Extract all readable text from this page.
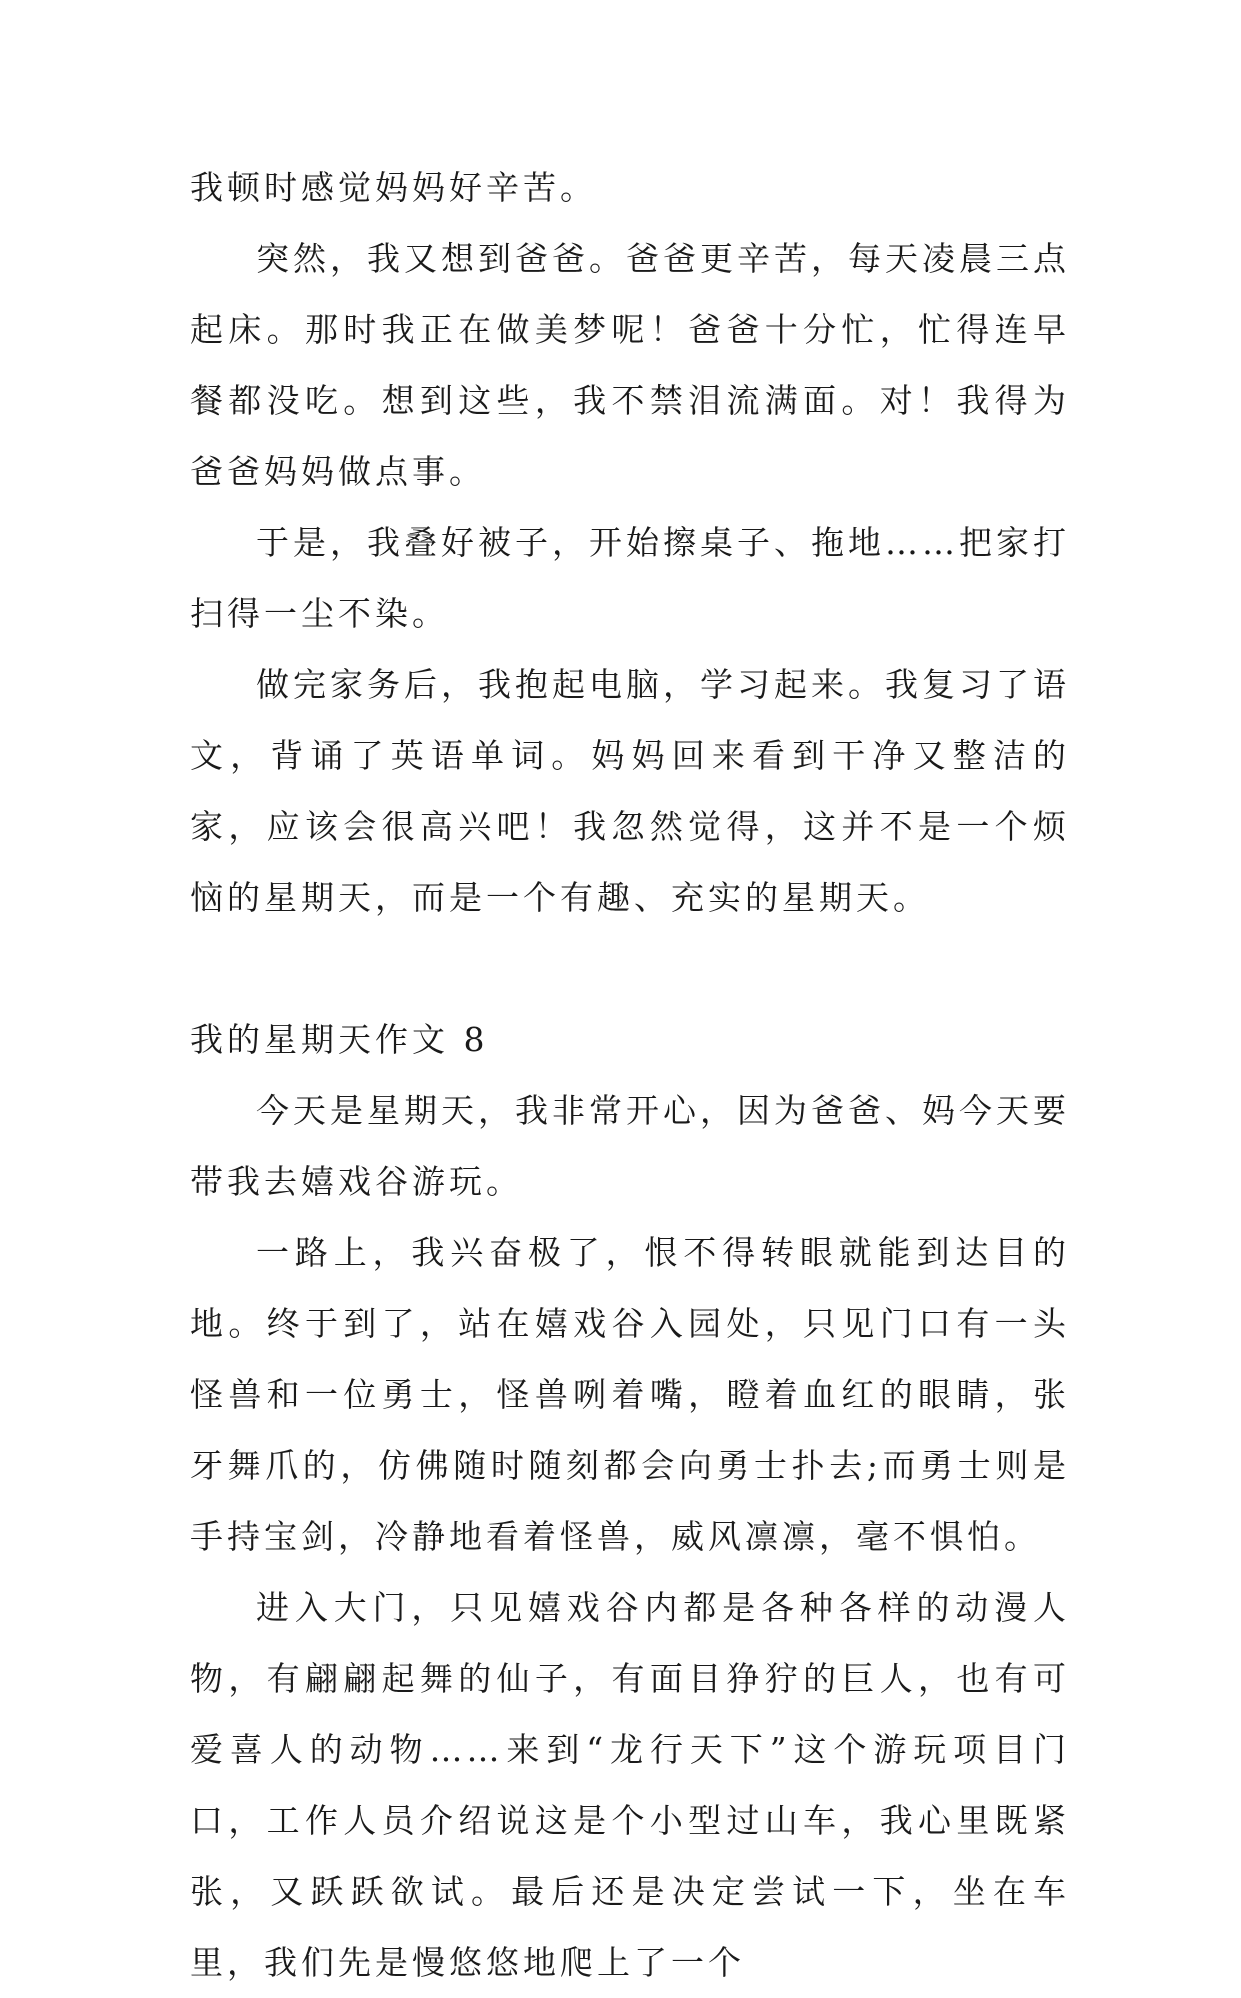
我顿时感觉妈妈好辛苦。

突然，我又想到爸爸。爸爸更辛苦，每天凌晨三点起床。那时我正在做美梦呢！爸爸十分忙，忙得连早餐都没吃。想到这些，我不禁泪流满面。对！我得为爸爸妈妈做点事。

于是，我叠好被子，开始擦桌子、拖地……把家打扫得一尘不染。

做完家务后，我抱起电脑，学习起来。我复习了语文，背诵了英语单词。妈妈回来看到干净又整洁的家，应该会很高兴吧！我忽然觉得，这并不是一个烦恼的星期天，而是一个有趣、充实的星期天。

我的星期天作文 8

今天是星期天，我非常开心，因为爸爸、妈今天要带我去嬉戏谷游玩。

一路上，我兴奋极了，恨不得转眼就能到达目的地。终于到了，站在嬉戏谷入园处，只见门口有一头怪兽和一位勇士，怪兽咧着嘴，瞪着血红的眼睛，张牙舞爪的，仿佛随时随刻都会向勇士扑去;而勇士则是手持宝剑，冷静地看着怪兽，威风凛凛，毫不惧怕。

进入大门，只见嬉戏谷内都是各种各样的动漫人物，有翩翩起舞的仙子，有面目狰狞的巨人，也有可爱喜人的动物……来到“龙行天下”这个游玩项目门口，工作人员介绍说这是个小型过山车，我心里既紧张，又跃跃欲试。最后还是决定尝试一下，坐在车里，我们先是慢悠悠地爬上了一个
